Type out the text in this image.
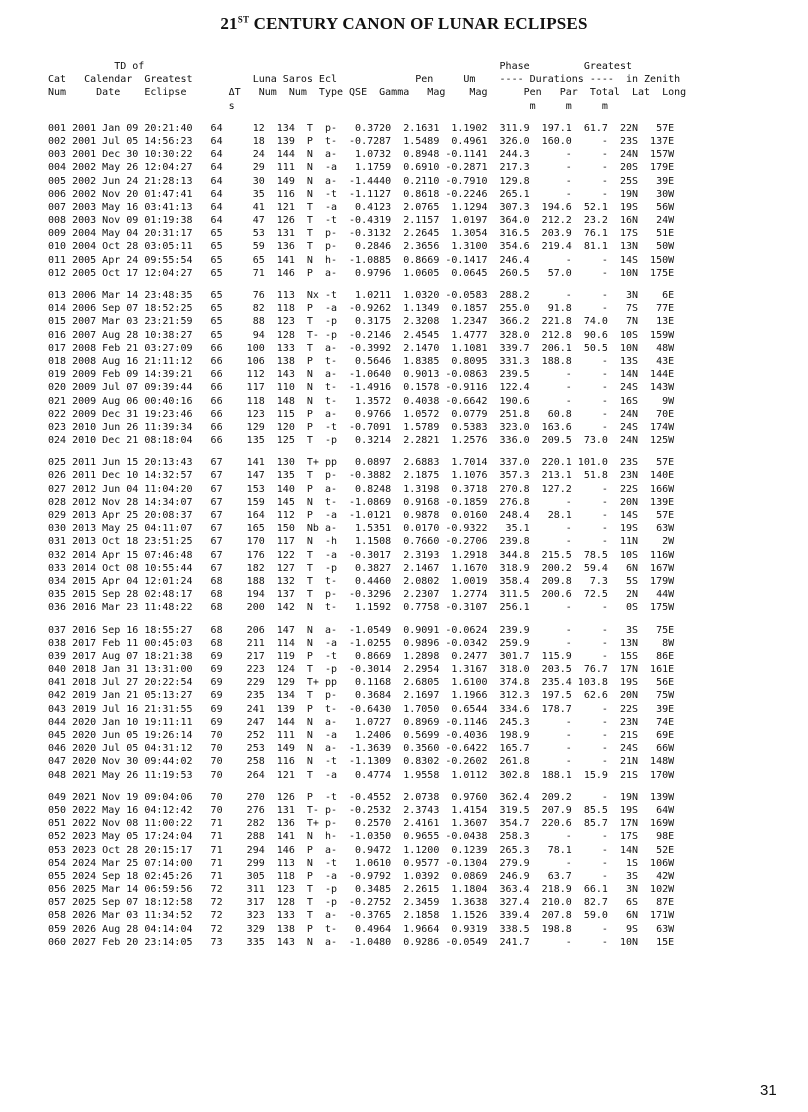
21ST CENTURY CANON OF LUNAR ECLIPSES
TD of                                                           Phase         Greatest
Cat   Calendar  Greatest          Luna Saros Ecl             Pen     Um    ---- Durations ----  in Zenith
Num     Date    Eclipse       ΔT   Num  Num  Type QSE  Gamma   Mag    Mag      Pen   Par  Total  Lat  Long
s                                                 m     m     m
001 2001 Jan 09 20:21:40   64     12  134  T  p-   0.3720  2.1631  1.1902  311.9  197.1  61.7  22N   57E
002 2001 Jul 05 14:56:23   64     18  139  P  t-  -0.7287  1.5489  0.4961  326.0  160.0     -  23S  137E
003 2001 Dec 30 10:30:22   64     24  144  N  a-   1.0732  0.8948 -0.1141  244.3      -     -  24N  157W
004 2002 May 26 12:04:27   64     29  111  N  -a   1.1759  0.6910 -0.2871  217.3      -     -  20S  179E
005 2002 Jun 24 21:28:13   64     30  149  N  a-  -1.4440  0.2110 -0.7910  129.8      -     -  25S   39E
006 2002 Nov 20 01:47:41   64     35  116  N  -t  -1.1127  0.8618 -0.2246  265.1      -     -  19N   30W
007 2003 May 16 03:41:13   64     41  121  T  -a   0.4123  2.0765  1.1294  307.3  194.6  52.1  19S   56W
008 2003 Nov 09 01:19:38   64     47  126  T  -t  -0.4319  2.1157  1.0197  364.0  212.2  23.2  16N   24W
009 2004 May 04 20:31:17   65     53  131  T  p-  -0.3132  2.2645  1.3054  316.5  203.9  76.1  17S   51E
010 2004 Oct 28 03:05:11   65     59  136  T  p-   0.2846  2.3656  1.3100  354.6  219.4  81.1  13N   50W
011 2005 Apr 24 09:55:54   65     65  141  N  h-  -1.0885  0.8669 -0.1417  246.4      -     -  14S  150W
012 2005 Oct 17 12:04:27   65     71  146  P  a-   0.9796  1.0605  0.0645  260.5   57.0     -  10N  175E
013 2006 Mar 14 23:48:35   65     76  113  Nx -t   1.0211  1.0320 -0.0583  288.2      -     -   3N    6E
014 2006 Sep 07 18:52:25   65     82  118  P  -a  -0.9262  1.1349  0.1857  255.0   91.8     -   7S   77E
015 2007 Mar 03 23:21:59   65     88  123  T  -p   0.3175  2.3208  1.2347  366.2  221.8  74.0   7N   13E
016 2007 Aug 28 10:38:27   65     94  128  T- -p  -0.2146  2.4545  1.4777  328.0  212.8  90.6  10S  159W
017 2008 Feb 21 03:27:09   66    100  133  T  a-  -0.3992  2.1470  1.1081  339.7  206.1  50.5  10N   48W
018 2008 Aug 16 21:11:12   66    106  138  P  t-   0.5646  1.8385  0.8095  331.3  188.8     -  13S   43E
019 2009 Feb 09 14:39:21   66    112  143  N  a-  -1.0640  0.9013 -0.0863  239.5      -     -  14N  144E
020 2009 Jul 07 09:39:44   66    117  110  N  t-  -1.4916  0.1578 -0.9116  122.4      -     -  24S  143W
021 2009 Aug 06 00:40:16   66    118  148  N  t-   1.3572  0.4038 -0.6642  190.6      -     -  16S    9W
022 2009 Dec 31 19:23:46   66    123  115  P  a-   0.9766  1.0572  0.0779  251.8   60.8     -  24N   70E
023 2010 Jun 26 11:39:34   66    129  120  P  -t  -0.7091  1.5789  0.5383  323.0  163.6     -  24S  174W
024 2010 Dec 21 08:18:04   66    135  125  T  -p   0.3214  2.2821  1.2576  336.0  209.5  73.0  24N  125W
025 2011 Jun 15 20:13:43   67    141  130  T+ pp   0.0897  2.6883  1.7014  337.0  220.1 101.0  23S   57E
026 2011 Dec 10 14:32:57   67    147  135  T  p-  -0.3882  2.1875  1.1076  357.3  213.1  51.8  23N  140E
027 2012 Jun 04 11:04:20   67    153  140  P  a-   0.8248  1.3198  0.3718  270.8  127.2     -  22S  166W
028 2012 Nov 28 14:34:07   67    159  145  N  t-  -1.0869  0.9168 -0.1859  276.8      -     -  20N  139E
029 2013 Apr 25 20:08:37   67    164  112  P  -a  -1.0121  0.9878  0.0160  248.4   28.1     -  14S   57E
030 2013 May 25 04:11:07   67    165  150  Nb a-   1.5351  0.0170 -0.9322   35.1      -     -  19S   63W
031 2013 Oct 18 23:51:25   67    170  117  N  -h   1.1508  0.7660 -0.2706  239.8      -     -  11N    2W
032 2014 Apr 15 07:46:48   67    176  122  T  -a  -0.3017  2.3193  1.2918  344.8  215.5  78.5  10S  116W
033 2014 Oct 08 10:55:44   67    182  127  T  -p   0.3827  2.1467  1.1670  318.9  200.2  59.4   6N  167W
034 2015 Apr 04 12:01:24   68    188  132  T  t-   0.4460  2.0802  1.0019  358.4  209.8   7.3   5S  179W
035 2015 Sep 28 02:48:17   68    194  137  T  p-  -0.3296  2.2307  1.2774  311.5  200.6  72.5   2N   44W
036 2016 Mar 23 11:48:22   68    200  142  N  t-   1.1592  0.7758 -0.3107  256.1      -     -   0S  175W
037 2016 Sep 16 18:55:27   68    206  147  N  a-  -1.0549  0.9091 -0.0624  239.9      -     -   3S   75E
038 2017 Feb 11 00:45:03   68    211  114  N  -a  -1.0255  0.9896 -0.0342  259.9      -     -  13N    8W
039 2017 Aug 07 18:21:38   69    217  119  P  -t   0.8669  1.2898  0.2477  301.7  115.9     -  15S   86E
040 2018 Jan 31 13:31:00   69    223  124  T  -p  -0.3014  2.2954  1.3167  318.0  203.5  76.7  17N  161E
041 2018 Jul 27 20:22:54   69    229  129  T+ pp   0.1168  2.6805  1.6100  374.8  235.4 103.8  19S   56E
042 2019 Jan 21 05:13:27   69    235  134  T  p-   0.3684  2.1697  1.1966  312.3  197.5  62.6  20N   75W
043 2019 Jul 16 21:31:55   69    241  139  P  t-  -0.6430  1.7050  0.6544  334.6  178.7     -  22S   39E
044 2020 Jan 10 19:11:11   69    247  144  N  a-   1.0727  0.8969 -0.1146  245.3      -     -  23N   74E
045 2020 Jun 05 19:26:14   70    252  111  N  -a   1.2406  0.5699 -0.4036  198.9      -     -  21S   69E
046 2020 Jul 05 04:31:12   70    253  149  N  a-  -1.3639  0.3560 -0.6422  165.7      -     -  24S   66W
047 2020 Nov 30 09:44:02   70    258  116  N  -t  -1.1309  0.8302 -0.2602  261.8      -     -  21N  148W
048 2021 May 26 11:19:53   70    264  121  T  -a   0.4774  1.9558  1.0112  302.8  188.1  15.9  21S  170W
049 2021 Nov 19 09:04:06   70    270  126  P  -t  -0.4552  2.0738  0.9760  362.4  209.2     -  19N  139W
050 2022 May 16 04:12:42   70    276  131  T- p-  -0.2532  2.3743  1.4154  319.5  207.9  85.5  19S   64W
051 2022 Nov 08 11:00:22   71    282  136  T+ p-   0.2570  2.4161  1.3607  354.7  220.6  85.7  17N  169W
052 2023 May 05 17:24:04   71    288  141  N  h-  -1.0350  0.9655 -0.0438  258.3      -     -  17S   98E
053 2023 Oct 28 20:15:17   71    294  146  P  a-   0.9472  1.1200  0.1239  265.3   78.1     -  14N   52E
054 2024 Mar 25 07:14:00   71    299  113  N  -t   1.0610  0.9577 -0.1304  279.9      -     -   1S  106W
055 2024 Sep 18 02:45:26   71    305  118  P  -a  -0.9792  1.0392  0.0869  246.9   63.7     -   3S   42W
056 2025 Mar 14 06:59:56   72    311  123  T  -p   0.3485  2.2615  1.1804  363.4  218.9  66.1   3N  102W
057 2025 Sep 07 18:12:58   72    317  128  T  -p  -0.2752  2.3459  1.3638  327.4  210.0  82.7   6S   87E
058 2026 Mar 03 11:34:52   72    323  133  T  a-  -0.3765  2.1858  1.1526  339.4  207.8  59.0   6N  171W
059 2026 Aug 28 04:14:04   72    329  138  P  t-   0.4964  1.9664  0.9319  338.5  198.8     -   9S   63W
060 2027 Feb 20 23:14:05   73    335  143  N  a-  -1.0480  0.9286 -0.0549  241.7      -     -  10N   15E
31
